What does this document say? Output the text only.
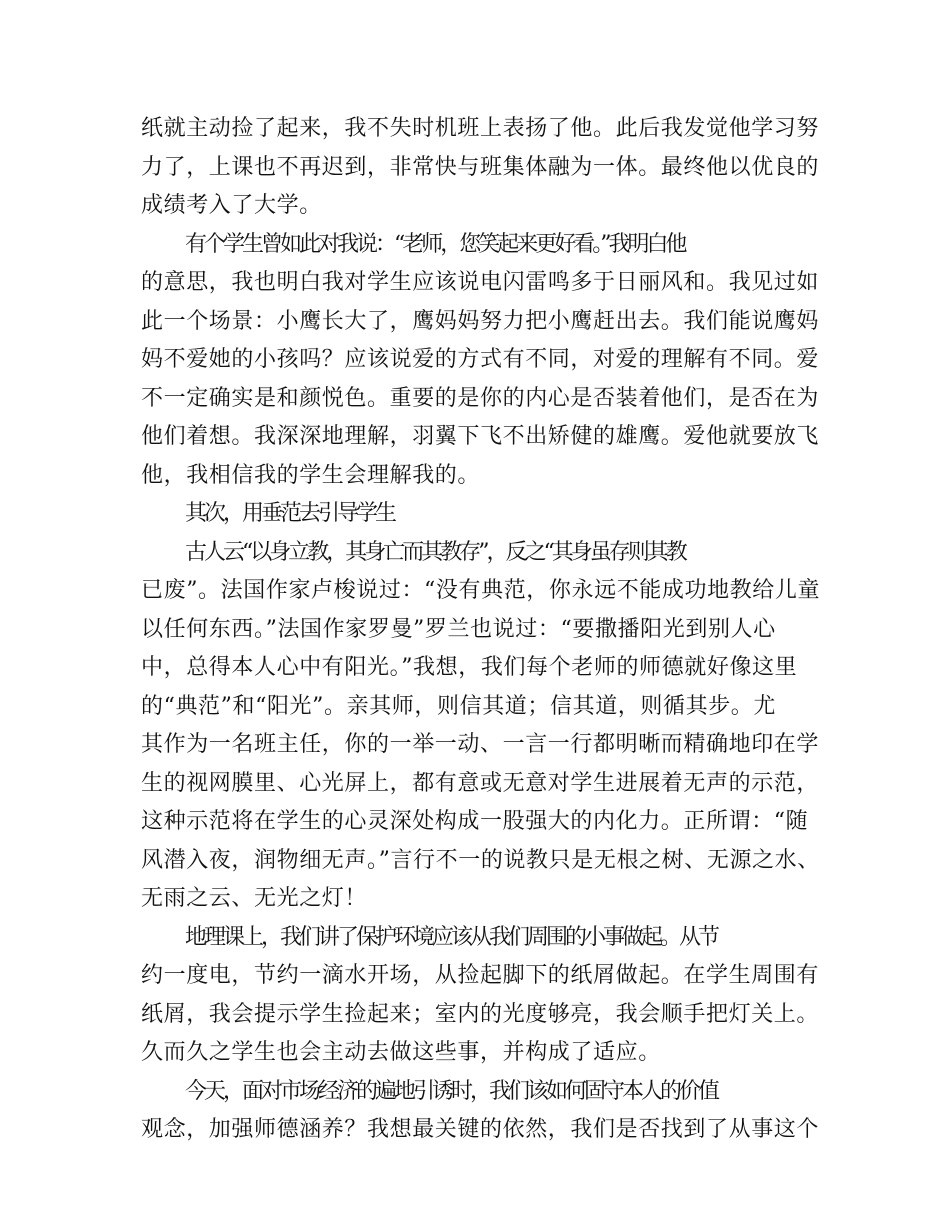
纸就主动捡了起来，我不失时机班上表扬了他。此后我发觉他学习努
力了，上课也不再迟到，非常快与班集体融为一体。最终他以优良的
成绩考入了大学。
有个学生曾如此对我说：“老师，您笑起来更好看。”我明白他
的意思，我也明白我对学生应该说电闪雷鸣多于日丽风和。我见过如
此一个场景：小鹰长大了，鹰妈妈努力把小鹰赶出去。我们能说鹰妈
妈不爱她的小孩吗？应该说爱的方式有不同，对爱的理解有不同。爱
不一定确实是和颜悦色。重要的是你的内心是否装着他们，是否在为
他们着想。我深深地理解，羽翼下飞不出矫健的雄鹰。爱他就要放飞
他，我相信我的学生会理解我的。
其次，用垂范去引导学生
古人云“以身立教，其身亡而其教存”，反之“其身虽存则其教
已废”。法国作家卢梭说过：“没有典范，你永远不能成功地教给儿童
以任何东西。”法国作家罗曼”罗兰也说过：“要撒播阳光到别人心
中，总得本人心中有阳光。”我想，我们每个老师的师德就好像这里
的“典范”和“阳光”。亲其师，则信其道；信其道，则循其步。尤
其作为一名班主任，你的一举一动、一言一行都明晰而精确地印在学
生的视网膜里、心光屏上，都有意或无意对学生进展着无声的示范，
这种示范将在学生的心灵深处构成一股强大的内化力。正所谓：“随
风潜入夜，润物细无声。”言行不一的说教只是无根之树、无源之水、
无雨之云、无光之灯！
地理课上，我们讲了保护环境应该从我们周围的小事做起。从节
约一度电，节约一滴水开场，从捡起脚下的纸屑做起。在学生周围有
纸屑，我会提示学生捡起来；室内的光度够亮，我会顺手把灯关上。
久而久之学生也会主动去做这些事，并构成了适应。
今天，面对市场经济的遍地引诱时，我们该如何固守本人的价值
观念，加强师德涵养？我想最关键的依然，我们是否找到了从事这个
